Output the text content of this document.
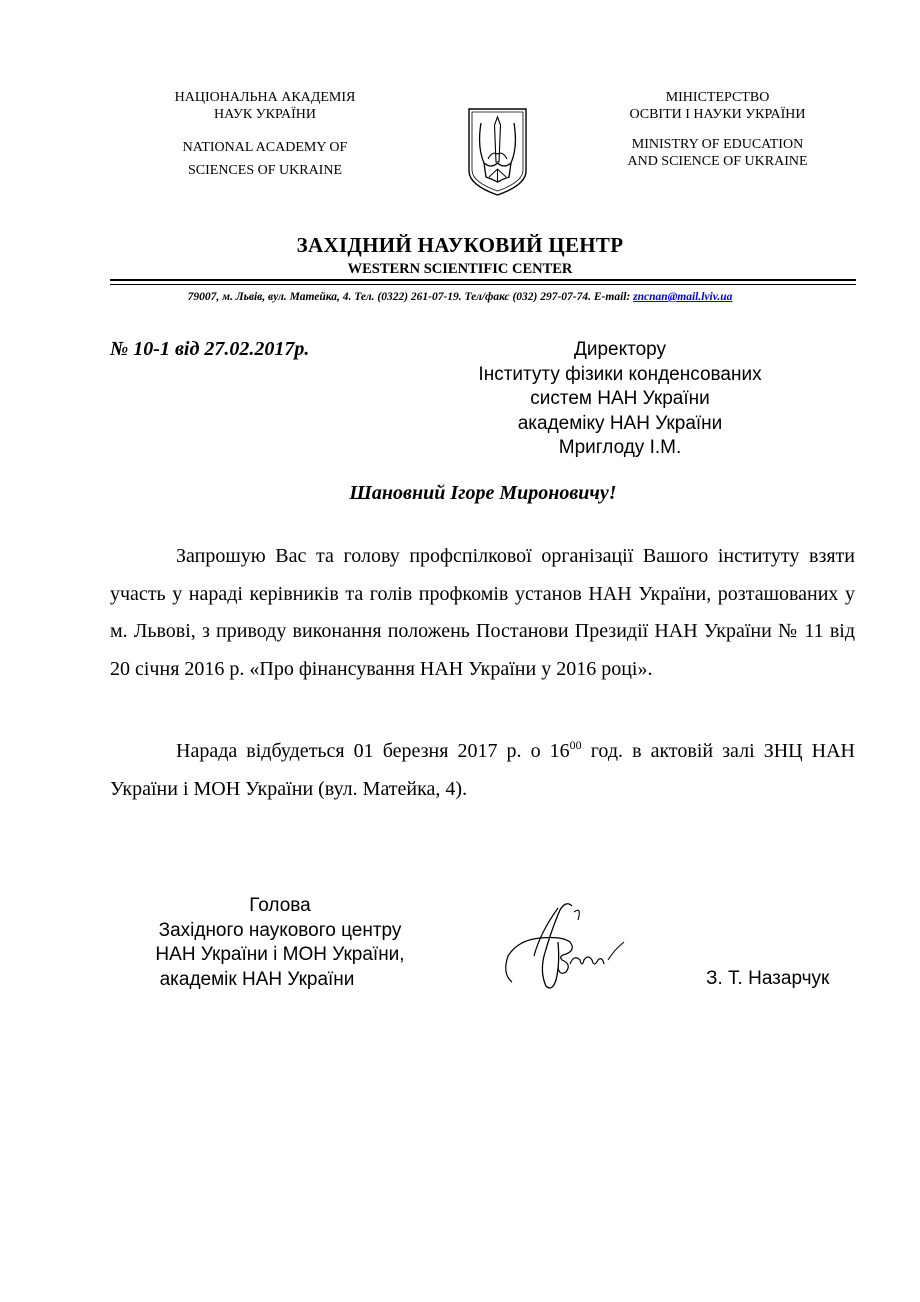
НАЦІОНАЛЬНА АКАДЕМІЯ
НАУК УКРАЇНИ
NATIONAL ACADEMY OF
SCIENCES OF UKRAINE
МІНІСТЕРСТВО
ОСВІТИ І НАУКИ УКРАЇНИ
MINISTRY OF EDUCATION
AND SCIENCE OF UKRAINE
ЗАХІДНИЙ НАУКОВИЙ ЦЕНТР
WESTERN SCIENTIFIC CENTER
79007, м. Львів, вул. Матейка, 4. Тел. (0322) 261-07-19. Тел/факс (032) 297-07-74. E-mail: zncnan@mail.lviv.ua
№ 10-1 від 27.02.2017р.	Директору
Інституту фізики конденсованих
систем НАН України
академіку НАН України
Мриглоду І.М.
Шановний Ігоре Мироновичу!
Запрошую Вас та голову профспілкової організації Вашого інституту взяти участь у нараді керівників та голів профкомів установ НАН України, розташованих у м. Львові, з приводу виконання положень Постанови Президії НАН України № 11 від 20 січня 2016 р. «Про фінансування НАН України у 2016 році».
Нарада відбудеться 01 березня 2017 р. о $16^{00}$ год. в актовій залі ЗНЦ НАН України і МОН України (вул. Матейка, 4).
Голова
Західного наукового центру
НАН України і МОН України,
академік НАН України	З. Т. Назарчук
